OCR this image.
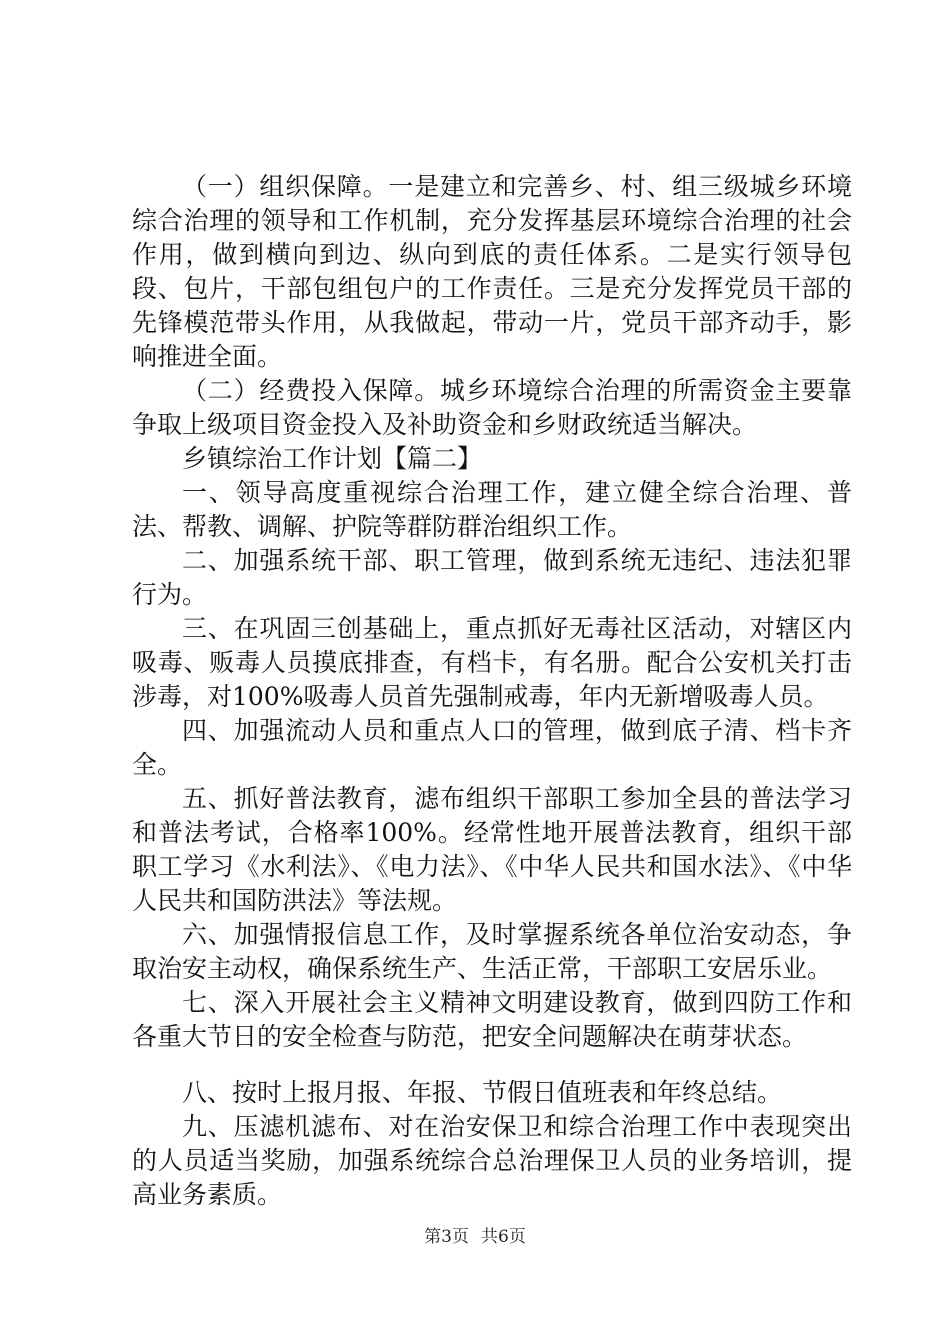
（一）组织保障。一是建立和完善乡、村、组三级城乡环境综合治理的领导和工作机制，充分发挥基层环境综合治理的社会作用，做到横向到边、纵向到底的责任体系。二是实行领导包段、包片，干部包组包户的工作责任。三是充分发挥党员干部的先锋模范带头作用，从我做起，带动一片，党员干部齐动手，影响推进全面。

（二）经费投入保障。城乡环境综合治理的所需资金主要靠争取上级项目资金投入及补助资金和乡财政统适当解决。

乡镇综治工作计划【篇二】

一、领导高度重视综合治理工作，建立健全综合治理、普法、帮教、调解、护院等群防群治组织工作。

二、加强系统干部、职工管理，做到系统无违纪、违法犯罪行为。

三、在巩固三创基础上，重点抓好无毒社区活动，对辖区内吸毒、贩毒人员摸底排查，有档卡，有名册。配合公安机关打击涉毒，对100%吸毒人员首先强制戒毒，年内无新增吸毒人员。

四、加强流动人员和重点人口的管理，做到底子清、档卡齐全。

五、抓好普法教育，滤布组织干部职工参加全县的普法学习和普法考试，合格率100%。经常性地开展普法教育，组织干部职工学习《水利法》、《电力法》、《中华人民共和国水法》、《中华人民共和国防洪法》等法规。

六、加强情报信息工作，及时掌握系统各单位治安动态，争取治安主动权，确保系统生产、生活正常，干部职工安居乐业。

七、深入开展社会主义精神文明建设教育，做到四防工作和各重大节日的安全检查与防范，把安全问题解决在萌芽状态。

八、按时上报月报、年报、节假日值班表和年终总结。

九、压滤机滤布、对在治安保卫和综合治理工作中表现突出的人员适当奖励，加强系统综合总治理保卫人员的业务培训，提高业务素质。

第3页 共6页
